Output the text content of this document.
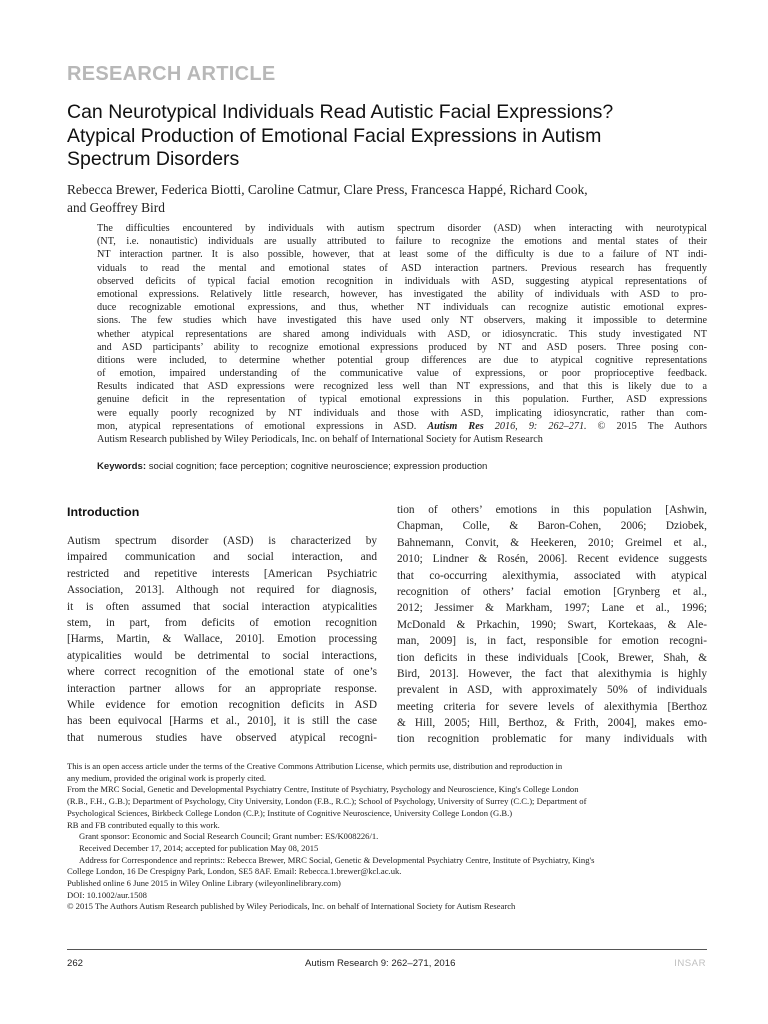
RESEARCH ARTICLE
Can Neurotypical Individuals Read Autistic Facial Expressions?
Atypical Production of Emotional Facial Expressions in Autism
Spectrum Disorders
Rebecca Brewer, Federica Biotti, Caroline Catmur, Clare Press, Francesca Happé, Richard Cook,
and Geoffrey Bird
The difficulties encountered by individuals with autism spectrum disorder (ASD) when interacting with neurotypical
(NT, i.e. nonautistic) individuals are usually attributed to failure to recognize the emotions and mental states of their
NT interaction partner. It is also possible, however, that at least some of the difficulty is due to a failure of NT indi-
viduals to read the mental and emotional states of ASD interaction partners. Previous research has frequently
observed deficits of typical facial emotion recognition in individuals with ASD, suggesting atypical representations of
emotional expressions. Relatively little research, however, has investigated the ability of individuals with ASD to pro-
duce recognizable emotional expressions, and thus, whether NT individuals can recognize autistic emotional expres-
sions. The few studies which have investigated this have used only NT observers, making it impossible to determine
whether atypical representations are shared among individuals with ASD, or idiosyncratic. This study investigated NT
and ASD participants’ ability to recognize emotional expressions produced by NT and ASD posers. Three posing con-
ditions were included, to determine whether potential group differences are due to atypical cognitive representations
of emotion, impaired understanding of the communicative value of expressions, or poor proprioceptive feedback.
Results indicated that ASD expressions were recognized less well than NT expressions, and that this is likely due to a
genuine deficit in the representation of typical emotional expressions in this population. Further, ASD expressions
were equally poorly recognized by NT individuals and those with ASD, implicating idiosyncratic, rather than com-
mon, atypical representations of emotional expressions in ASD. Autism Res 2016, 9: 262–271. © 2015 The Authors
Autism Research published by Wiley Periodicals, Inc. on behalf of International Society for Autism Research
Keywords: social cognition; face perception; cognitive neuroscience; expression production
Introduction
Autism spectrum disorder (ASD) is characterized by
impaired communication and social interaction, and
restricted and repetitive interests [American Psychiatric
Association, 2013]. Although not required for diagnosis,
it is often assumed that social interaction atypicalities
stem, in part, from deficits of emotion recognition
[Harms, Martin, & Wallace, 2010]. Emotion processing
atypicalities would be detrimental to social interactions,
where correct recognition of the emotional state of one’s
interaction partner allows for an appropriate response.
While evidence for emotion recognition deficits in ASD
has been equivocal [Harms et al., 2010], it is still the case
that numerous studies have observed atypical recogni-
tion of others’ emotions in this population [Ashwin,
Chapman, Colle, & Baron-Cohen, 2006; Dziobek,
Bahnemann, Convit, & Heekeren, 2010; Greimel et al.,
2010; Lindner & Rosén, 2006]. Recent evidence suggests
that co-occurring alexithymia, associated with atypical
recognition of others’ facial emotion [Grynberg et al.,
2012; Jessimer & Markham, 1997; Lane et al., 1996;
McDonald & Prkachin, 1990; Swart, Kortekaas, & Ale-
man, 2009] is, in fact, responsible for emotion recogni-
tion deficits in these individuals [Cook, Brewer, Shah, &
Bird, 2013]. However, the fact that alexithymia is highly
prevalent in ASD, with approximately 50% of individuals
meeting criteria for severe levels of alexithymia [Berthoz
& Hill, 2005; Hill, Berthoz, & Frith, 2004], makes emo-
tion recognition problematic for many individuals with
This is an open access article under the terms of the Creative Commons Attribution License, which permits use, distribution and reproduction in
any medium, provided the original work is properly cited.
From the MRC Social, Genetic and Developmental Psychiatry Centre, Institute of Psychiatry, Psychology and Neuroscience, King's College London
(R.B., F.H., G.B.); Department of Psychology, City University, London (F.B., R.C.); School of Psychology, University of Surrey (C.C.); Department of
Psychological Sciences, Birkbeck College London (C.P.); Institute of Cognitive Neuroscience, University College London (G.B.)
RB and FB contributed equally to this work.
Grant sponsor: Economic and Social Research Council; Grant number: ES/K008226/1.
Received December 17, 2014; accepted for publication May 08, 2015
Address for Correspondence and reprints:: Rebecca Brewer, MRC Social, Genetic & Developmental Psychiatry Centre, Institute of Psychiatry, King's
College London, 16 De Crespigny Park, London, SE5 8AF. Email: Rebecca.1.brewer@kcl.ac.uk.
Published online 6 June 2015 in Wiley Online Library (wileyonlinelibrary.com)
DOI: 10.1002/aur.1508
© 2015 The Authors Autism Research published by Wiley Periodicals, Inc. on behalf of International Society for Autism Research
262	Autism Research 9: 262–271, 2016	INSAR
